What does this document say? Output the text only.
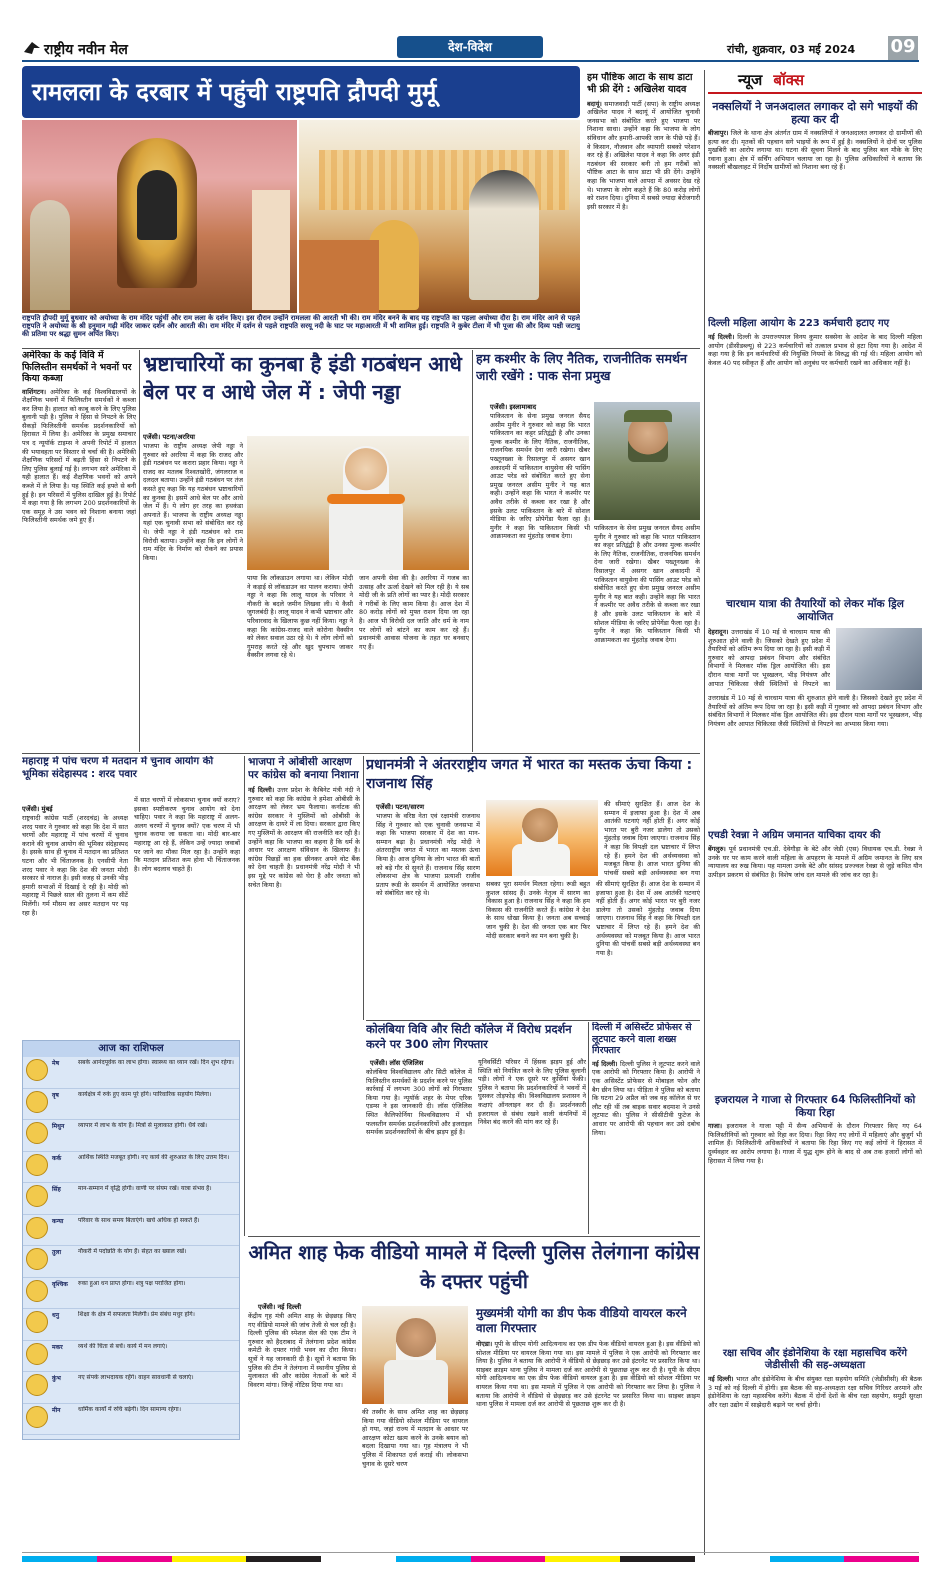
राष्ट्रीय नवीन मेल	देश-विदेश	रांची, शुक्रवार, 03 मई 2024 09
रामलला के दरबार में पहुंची राष्ट्रपति द्रौपदी मुर्मू
राष्ट्रपति द्रौपदी मुर्मू बुधवार को अयोध्या के राम मंदिर पहुंचीं और राम लला के दर्शन किए। इस दौरान उन्होंने रामलला की आरती भी की। राम मंदिर बनने के बाद यह राष्ट्रपति का पहला अयोध्या दौरा है। राम मंदिर आने से पहले राष्ट्रपति ने अयोध्या के श्री हनुमान गढ़ी मंदिर जाकर दर्शन और आरती की। राम मंदिर में दर्शन से पहले राष्ट्रपति सरयू नदी के घाट पर महाआरती में भी शामिल हुईं। राष्ट्रपति ने कुबेर टीला में भी पूजा की और दिव्य पक्षी जटायु की प्रतिमा पर श्रद्धा सुमन अर्पित किए।
हम पौष्टिक आटा के साथ डाटा भी फ्री देंगे : अखिलेश यादव
बदायूं। समाजवादी पार्टी (सपा) के राष्ट्रीय अध्यक्ष अखिलेश यादव ने बदायूं में आयोजित चुनावी जनसभा को संबोधित करते हुए भाजपा पर निशाना साधा। उन्होंने कहा कि भाजपा के लोग संविधान और हमारी-आपकी जान के पीछे पड़े हैं। वे किसान, नौजवान और व्यापारी सबको परेशान कर रहे हैं। अखिलेश यादव ने कहा कि अगर इंडी गठबंधन की सरकार बनी तो हम गरीबों को पौष्टिक आटा के साथ डाटा भी फ्री देंगे। उन्होंने कहा कि भाजपा वाले आपदा में अवसर देख रहे थे। भाजपा के लोग कहते हैं कि 80 करोड़ लोगों को राशन दिया। दुनिया में सबसे ज्यादा बेरोजगारी इसी सरकार में है।
न्यूज बॉक्स
नक्सलियों ने जनअदालत लगाकर दो सगे भाइयों की हत्या कर दी
बीजापुर। जिले के थाना क्षेत्र अंतर्गत ग्राम में नक्सलियों ने जनअदालत लगाकर दो ग्रामीणों की हत्या कर दी। मृतकों की पहचान सगे भाइयों के रूप में हुई है। नक्सलियों ने दोनों पर पुलिस मुखबिरी का आरोप लगाया था। घटना की सूचना मिलने के बाद पुलिस बल मौके के लिए रवाना हुआ। क्षेत्र में सर्चिंग अभियान चलाया जा रहा है। पुलिस अधिकारियों ने बताया कि नक्सली बौखलाहट में निर्दोष ग्रामीणों को निशाना बना रहे हैं।
दिल्ली महिला आयोग के 223 कर्मचारी हटाए गए
नई दिल्ली। दिल्ली के उपराज्यपाल विनय कुमार सक्सेना के आदेश के बाद दिल्ली महिला आयोग (डीसीडब्ल्यू) से 223 कर्मचारियों को तत्काल प्रभाव से हटा दिया गया है। आदेश में कहा गया है कि इन कर्मचारियों की नियुक्ति नियमों के विरुद्ध की गई थी। महिला आयोग को केवल 40 पद स्वीकृत हैं और आयोग को अनुबंध पर कर्मचारी रखने का अधिकार नहीं है।
चारधाम यात्रा की तैयारियों को लेकर मॉक ड्रिल आयोजित
देहरादून। उत्तराखंड में 10 मई से चारधाम यात्रा की शुरुआत होने वाली है। जिसको देखते हुए प्रदेश में तैयारियों को अंतिम रूप दिया जा रहा है। इसी कड़ी में गुरुवार को आपदा प्रबंधन विभाग और संबंधित विभागों ने मिलकर मॉक ड्रिल आयोजित की। इस दौरान यात्रा मार्गों पर भूस्खलन, भीड़ नियंत्रण और आपात चिकित्सा जैसी स्थितियों से निपटने का
उत्तराखंड में 10 मई से चारधाम यात्रा की शुरुआत होने वाली है। जिसको देखते हुए प्रदेश में तैयारियों को अंतिम रूप दिया जा रहा है। इसी कड़ी में गुरुवार को आपदा प्रबंधन विभाग और संबंधित विभागों ने मिलकर मॉक ड्रिल आयोजित की। इस दौरान यात्रा मार्गों पर भूस्खलन, भीड़ नियंत्रण और आपात चिकित्सा जैसी स्थितियों से निपटने का अभ्यास किया गया।
एचडी रेवन्ना ने अग्रिम जमानत याचिका दायर की
बेंगलुरु। पूर्व प्रधानमंत्री एच.डी. देवेगौड़ा के बेटे और जेडी (एस) विधायक एच.डी. रेवन्ना ने उनके घर पर काम करने वाली महिला के अपहरण के मामले में अग्रिम जमानत के लिए सत्र न्यायालय का रुख किया। यह मामला उनके बेटे और सांसद प्रज्ज्वल रेवन्ना से जुड़े कथित यौन उत्पीड़न प्रकरण से संबंधित है। विशेष जांच दल मामले की जांच कर रहा है।
इजरायल ने गाजा से गिरफ्तार 64 फिलिस्तीनियों को किया रिहा
गाजा। इजरायल ने गाजा पट्टी में सैन्य अभियानों के दौरान गिरफ्तार किए गए 64 फिलिस्तीनियों को गुरुवार को रिहा कर दिया। रिहा किए गए लोगों में महिलाएं और बुजुर्ग भी शामिल हैं। फिलिस्तीनी अधिकारियों ने बताया कि रिहा किए गए कई लोगों ने हिरासत में दुर्व्यवहार का आरोप लगाया है। गाजा में युद्ध शुरू होने के बाद से अब तक हजारों लोगों को हिरासत में लिया गया है।
रक्षा सचिव और इंडोनेशिया के रक्षा महासचिव करेंगे जेडीसीसी की सह-अध्यक्षता
नई दिल्ली। भारत और इंडोनेशिया के बीच संयुक्त रक्षा सहयोग समिति (जेडीसीसी) की बैठक 3 मई को नई दिल्ली में होगी। इस बैठक की सह-अध्यक्षता रक्षा सचिव गिरिधर अरमाने और इंडोनेशिया के रक्षा महासचिव करेंगे। बैठक में दोनों देशों के बीच रक्षा सहयोग, समुद्री सुरक्षा और रक्षा उद्योग में साझेदारी बढ़ाने पर चर्चा होगी।
अमेरिका के कई विवि में फिलिस्तीन समर्थकों ने भवनों पर किया कब्जा
वाशिंगटन। अमेरिका के कई विश्वविद्यालयों के शैक्षणिक भवनों में फिलिस्तीन समर्थकों ने कब्जा कर लिया है। हालात को काबू करने के लिए पुलिस बुलानी पड़ी है। पुलिस ने हिंसा से निपटने के लिए सैकड़ों फिलिस्तीनी समर्थक प्रदर्शनकारियों को हिरासत में लिया है। अमेरिका के प्रमुख समाचार पत्र द न्यूयॉर्क टाइम्स ने अपनी रिपोर्ट में हालात की भयावहता पर विस्तार से चर्चा की है। अमेरिकी शैक्षणिक परिसरों में बढ़ती हिंसा से निपटने के लिए पुलिस बुलाई गई है। लगभग सारे अमेरिका में यही हालात हैं। कई शैक्षणिक भवनों को अपने कब्जे में ले लिया है। यह स्थिति कई हफ्ते से बनी हुई है। इन परिसरों में पुलिस दाखिल हुई है। रिपोर्ट में कहा गया है कि लगभग 200 प्रदर्शनकारियों के एक समूह ने उस भवन को निशाना बनाया जहां फिलिस्तीनी समर्थक जमे हुए हैं।
भ्रष्टाचारियों का कुनबा है इंडी गठबंधन आधे बेल पर व आधे जेल में : जेपी नड्डा
एजेंसी। पटना/अररिया
भाजपा के राष्ट्रीय अध्यक्ष जेपी नड्डा ने गुरुवार को अररिया में कहा कि राजद और इंडी गठबंधन पर करारा प्रहार किया। नड्डा ने राजद का मतलब रिश्वतखोरी, जंगलराज व दलदल बताया। उन्होंने इंडी गठबंधन पर तंज कसते हुए कहा कि यह गठबंधन भ्रष्टाचारियों का कुनबा है। इसमें आधे बेल पर और आधे जेल में हैं। ये लोग हर तरह का हथकंडा अपनाते हैं। भाजपा के राष्ट्रीय अध्यक्ष नड्डा यहां एक चुनावी सभा को संबोधित कर रहे थे। जेपी नड्डा ने इंडी गठबंधन को राम विरोधी बताया। उन्होंने कहा कि इन लोगों ने राम मंदिर के निर्माण को रोकने का प्रयास किया।
पाया कि लॉकडाउन लगाया था। लेकिन मोदी ने कड़ाई से लॉकडाउन का पालन कराया। जेपी नड्डा ने कहा कि लालू यादव के परिवार ने नौकरी के बदले जमीन लिखवा ली। ये कैसी जुगलबंदी है। लालू यादव ने कभी भ्रष्टाचार और परिवारवाद के खिलाफ कुछ नहीं किया। नड्डा ने कहा कि कांग्रेस-राजद वाले कोरोना वैक्सीन को लेकर सवाल उठा रहे थे। ये लोग लोगों को गुमराह करते रहे और खुद चुपचाप जाकर वैक्सीन लगवा रहे थे।
जान अपनी सेवा की है। अररिया में गजब का उत्साह और ऊर्जा देखने को मिल रही है। ये सब मोदी जी के प्रति लोगों का प्यार है। मोदी सरकार ने गरीबों के लिए काम किया है। आज देश में 80 करोड़ लोगों को मुफ्त राशन दिया जा रहा है। आज भी विरोधी दल जाति और धर्म के नाम पर लोगों को बांटने का काम कर रहे हैं। प्रधानमंत्री आवास योजना के तहत घर बनवाए गए हैं।
हम कश्मीर के लिए नैतिक, राजनीतिक समर्थन जारी रखेंगे : पाक सेना प्रमुख
एजेंसी। इस्लामाबाद
पाकिस्तान के सेना प्रमुख जनरल सैयद असीम मुनीर ने गुरुवार को कहा कि भारत पाकिस्तान का कट्टर प्रतिद्वंद्वी है और उनका मुल्क कश्मीर के लिए नैतिक, राजनीतिक, राजनयिक समर्थन देना जारी रखेगा। खैबर पख्तूनख्वा के रिसालपुर में असगर खान अकादमी में पाकिस्तान वायुसेना की पासिंग आउट परेड को संबोधित करते हुए सेना प्रमुख जनरल असीम मुनीर ने यह बात कही। उन्होंने कहा कि भारत ने कश्मीर पर अवैध तरीके से कब्जा कर रखा है और इसके उलट पाकिस्तान के बारे में सोशल मीडिया के जरिए प्रोपेगेंडा फैला रहा है। मुनीर ने कहा कि पाकिस्तान किसी भी आक्रामकता का मुंहतोड़ जवाब देगा।
पाकिस्तान के सेना प्रमुख जनरल सैयद असीम मुनीर ने गुरुवार को कहा कि भारत पाकिस्तान का कट्टर प्रतिद्वंद्वी है और उनका मुल्क कश्मीर के लिए नैतिक, राजनीतिक, राजनयिक समर्थन देना जारी रखेगा। खैबर पख्तूनख्वा के रिसालपुर में असगर खान अकादमी में पाकिस्तान वायुसेना की पासिंग आउट परेड को संबोधित करते हुए सेना प्रमुख जनरल असीम मुनीर ने यह बात कही। उन्होंने कहा कि भारत ने कश्मीर पर अवैध तरीके से कब्जा कर रखा है और इसके उलट पाकिस्तान के बारे में सोशल मीडिया के जरिए प्रोपेगेंडा फैला रहा है। मुनीर ने कहा कि पाकिस्तान किसी भी आक्रामकता का मुंहतोड़ जवाब देगा।
महाराष्ट्र में पांच चरण में मतदान में चुनाव आयोग की भूमिका संदेहास्पद : शरद पवार
एजेंसी। मुंबई
राष्ट्रवादी कांग्रेस पार्टी (शरदचंद्र) के अध्यक्ष शरद पवार ने गुरुवार को कहा कि देश में सात चरणों और महाराष्ट्र में पांच चरणों में चुनाव कराने की चुनाव आयोग की भूमिका संदेहास्पद है। इसके साथ ही चुनाव में मतदान का प्रतिशत घटना और भी चिंताजनक है। एनसीपी नेता शरद पवार ने कहा कि देश की जनता मोदी सरकार से नाराज है। इसी वजह से उनकी भीड़ हमारी सभाओं में दिखाई दे रही है। मोदी को महाराष्ट्र में पिछले साल की तुलना में कम सीटें मिलेंगी। गर्म मौसम का असर मतदान पर पड़ रहा है।
में सात चरणों में लोकसभा चुनाव क्यों कराए? इसका स्पष्टीकरण चुनाव आयोग को देना चाहिए। पवार ने कहा कि महाराष्ट्र में अलग-अलग चरणों में चुनाव क्यों? एक चरण में भी चुनाव कराया जा सकता था। मोदी बार-बार महाराष्ट्र आ रहे हैं, लेकिन उन्हें ज्यादा जवाबों पर जाने का मौका मिल रहा है। उन्होंने कहा कि मतदान प्रतिशत कम होना भी चिंताजनक है। लोग बदलाव चाहते हैं।
आज का राशिफल
मेष	सबके आनंदपूर्वक का लाभ होगा। स्वास्थ्य का ध्यान रखें। दिन शुभ रहेगा।
वृष	कार्यक्षेत्र में रुके हुए काम पूरे होंगे। पारिवारिक सहयोग मिलेगा।
मिथुन	व्यापार में लाभ के योग हैं। मित्रों से मुलाकात होगी। धैर्य रखें।
कर्क	आर्थिक स्थिति मजबूत होगी। नए कार्य की शुरुआत के लिए उत्तम दिन।
सिंह	मान-सम्मान में वृद्धि होगी। वाणी पर संयम रखें। यात्रा संभव है।
कन्या	परिवार के साथ समय बिताएंगे। खर्च अधिक हो सकते हैं।
तुला	नौकरी में पदोन्नति के योग हैं। सेहत का ख्याल रखें।
वृश्चिक	रुका हुआ धन प्राप्त होगा। शत्रु पक्ष पराजित होगा।
धनु	शिक्षा के क्षेत्र में सफलता मिलेगी। प्रेम संबंध मधुर होंगे।
मकर	व्यर्थ की चिंता से बचें। कार्य में मन लगाएं।
कुंभ	नए संपर्क लाभदायक रहेंगे। वाहन सावधानी से चलाएं।
मीन	धार्मिक कार्यों में रुचि बढ़ेगी। दिन सामान्य रहेगा।
भाजपा ने ओबीसी आरक्षण पर कांग्रेस को बनाया निशाना
नई दिल्ली। उत्तर प्रदेश के कैबिनेट मंत्री नंदी ने गुरुवार को कहा कि कांग्रेस ने हमेशा ओबीसी के आरक्षण को लेकर भ्रम फैलाया। कर्नाटक की कांग्रेस सरकार ने मुस्लिमों को ओबीसी के आरक्षण के दायरे में ला दिया। सरकार द्वारा किए गए मुस्लिमों के आरक्षण की राजनीति कर रही है। उन्होंने कहा कि भाजपा का कहना है कि धर्म के आधार पर आरक्षण संविधान के खिलाफ है। कांग्रेस पिछड़ों का हक छीनकर अपने वोट बैंक को देना चाहती है। प्रधानमंत्री नरेंद्र मोदी ने भी इस मुद्दे पर कांग्रेस को घेरा है और जनता को सचेत किया है।
प्रधानमंत्री ने अंतरराष्ट्रीय जगत में भारत का मस्तक ऊंचा किया : राजनाथ सिंह
एजेंसी। पटना/सारण
भाजपा के वरिष्ठ नेता एवं रक्षामंत्री राजनाथ सिंह ने गुरुवार को एक चुनावी जनसभा में कहा कि भाजपा सरकार में देश का मान-सम्मान बढ़ा है। प्रधानमंत्री नरेंद्र मोदी ने अंतरराष्ट्रीय जगत में भारत का मस्तक ऊंचा किया है। आज दुनिया के लोग भारत की बातों को बड़े गौर से सुनते हैं। राजनाथ सिंह सारण लोकसभा क्षेत्र के भाजपा प्रत्याशी राजीव प्रताप रूडी के समर्थन में आयोजित जनसभा को संबोधित कर रहे थे।
की सीमाएं सुरक्षित हैं। आज देश के सम्मान में इजाफा हुआ है। देश में अब आतंकी घटनाएं नहीं होती हैं। अगर कोई भारत पर बुरी नजर डालेगा तो उसको मुंहतोड़ जवाब दिया जाएगा। राजनाथ सिंह ने कहा कि विपक्षी दल भ्रष्टाचार में लिप्त रहे हैं। हमने देश की अर्थव्यवस्था को मजबूत किया है। आज भारत दुनिया की पांचवीं सबसे बड़ी अर्थव्यवस्था बन गया
सबका पूरा समर्थन मिलता रहेगा। रूडी बहुत कुशल सांसद हैं। उनके नेतृत्व में सारण का विकास हुआ है। राजनाथ सिंह ने कहा कि हम विकास की राजनीति करते हैं। कांग्रेस ने देश के साथ धोखा किया है। जनता अब सच्चाई जान चुकी है। देश की जनता एक बार फिर मोदी सरकार बनाने का मन बना चुकी है।
की सीमाएं सुरक्षित हैं। आज देश के सम्मान में इजाफा हुआ है। देश में अब आतंकी घटनाएं नहीं होती हैं। अगर कोई भारत पर बुरी नजर डालेगा तो उसको मुंहतोड़ जवाब दिया जाएगा। राजनाथ सिंह ने कहा कि विपक्षी दल भ्रष्टाचार में लिप्त रहे हैं। हमने देश की अर्थव्यवस्था को मजबूत किया है। आज भारत दुनिया की पांचवीं सबसे बड़ी अर्थव्यवस्था बन गया है।
कोलंबिया विवि और सिटी कॉलेज में विरोध प्रदर्शन करने पर 300 लोग गिरफ्तार
एजेंसी। लॉस एंजिलिस
कोलंबिया विश्वविद्यालय और सिटी कॉलेज में फिलिस्तीन समर्थकों के प्रदर्शन करने पर पुलिस कार्रवाई में लगभग 300 लोगों को गिरफ्तार किया गया है। न्यूयॉर्क शहर के मेयर एरिक एडम्स ने इस जानकारी दी। लॉस एंजिलिस स्थित कैलिफोर्निया विश्वविद्यालय में भी फलस्तीन समर्थक प्रदर्शनकारियों और इजराइल समर्थक प्रदर्शनकारियों के बीच झड़प हुई है।
यूनिवर्सिटी परिसर में हिंसक झड़प हुई और स्थिति को नियंत्रित करने के लिए पुलिस बुलानी पड़ी। लोगों ने एक दूसरे पर कुर्सियां फेंकी। पुलिस ने बताया कि प्रदर्शनकारियों ने भवनों में घुसकर तोड़फोड़ की। विश्वविद्यालय प्रशासन ने कक्षाएं ऑनलाइन कर दी हैं। प्रदर्शनकारी इजरायल से संबंध रखने वाली कंपनियों में निवेश बंद करने की मांग कर रहे हैं।
दिल्ली में असिस्टेंट प्रोफेसर से लूटपाट करने वाला शख्स गिरफ्तार
नई दिल्ली। दिल्ली पुलिस ने लूटपाट करने वाले एक आरोपी को गिरफ्तार किया है। आरोपी ने एक असिस्टेंट प्रोफेसर से मोबाइल फोन और बैग छीन लिया था। पीड़िता ने पुलिस को बताया कि घटना 29 अप्रैल को जब वह कॉलेज से घर लौट रही थीं तब बाइक सवार बदमाश ने उनसे लूटपाट की। पुलिस ने सीसीटीवी फुटेज के आधार पर आरोपी की पहचान कर उसे दबोच लिया।
अमित शाह फेक वीडियो मामले में दिल्ली पुलिस तेलंगाना कांग्रेस के दफ्तर पहुंची
एजेंसी। नई दिल्ली
केंद्रीय गृह मंत्री अमित शाह के छेड़छाड़ किए गए वीडियो मामले की जांच तेजी से चल रही है। दिल्ली पुलिस की स्पेशल सेल की एक टीम ने गुरुवार को हैदराबाद में तेलंगाना प्रदेश कांग्रेस कमेटी के दफ्तर गांधी भवन का दौरा किया। सूत्रों ने यह जानकारी दी है। सूत्रों ने बताया कि पुलिस की टीम ने तेलंगाना में स्थानीय पुलिस से मुलाकात की और कांग्रेस नेताओं के बारे में विवरण मांगा। जिन्हें नोटिस दिया गया था।
की तस्वीर के साथ अमित शाह का छेड़छाड़ किया गया वीडियो सोशल मीडिया पर वायरल हो गया, जहां राज्य में मतदान के आधार पर आरक्षण कोटा खत्म करने के उनके बयान को बदला दिखाया गया था। गृह मंत्रालय ने भी पुलिस में शिकायत दर्ज कराई थी। लोकसभा चुनाव के दूसरे चरण
मुख्यमंत्री योगी का डीप फेक वीडियो वायरल करने वाला गिरफ्तार
नोएडा। यूपी के सीएम योगी आदित्यनाथ का एक डीप फेक वीडियो वायरल हुआ है। इस वीडियो को सोशल मीडिया पर वायरल किया गया था। इस मामले में पुलिस ने एक आरोपी को गिरफ्तार कर लिया है। पुलिस ने बताया कि आरोपी ने वीडियो से छेड़छाड़ कर उसे इंटरनेट पर प्रसारित किया था। साइबर क्राइम थाना पुलिस ने मामला दर्ज कर आरोपी से पूछताछ शुरू कर दी है। यूपी के सीएम योगी आदित्यनाथ का एक डीप फेक वीडियो वायरल हुआ है। इस वीडियो को सोशल मीडिया पर वायरल किया गया था। इस मामले में पुलिस ने एक आरोपी को गिरफ्तार कर लिया है। पुलिस ने बताया कि आरोपी ने वीडियो से छेड़छाड़ कर उसे इंटरनेट पर प्रसारित किया था। साइबर क्राइम थाना पुलिस ने मामला दर्ज कर आरोपी से पूछताछ शुरू कर दी है।
